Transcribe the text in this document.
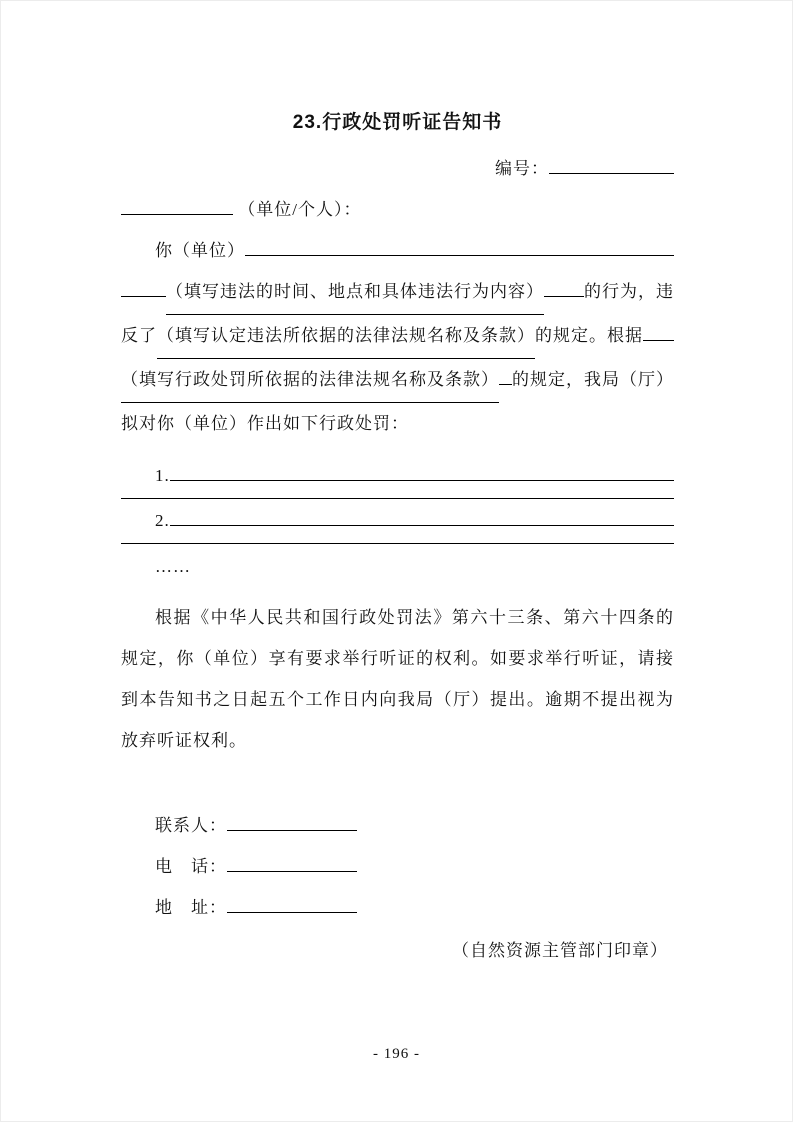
23.行政处罚听证告知书
编号：
（单位/个人）：
你（单位）
（填写违法的时间、地点和具体违法行为内容） 的行为，违
反了 （填写认定违法所依据的法律法规名称及条款） 的规定。根据
（填写行政处罚所依据的法律法规名称及条款） 的规定，我局（厅）
拟对你（单位）作出如下行政处罚：
1.
2.
……
根据《中华人民共和国行政处罚法》第六十三条、第六十四条的规定，你（单位）享有要求举行听证的权利。如要求举行听证，请接到本告知书之日起五个工作日内向我局（厅）提出。逾期不提出视为放弃听证权利。
联系人：
电　话：
地　址：
（自然资源主管部门印章）
- 196 -
